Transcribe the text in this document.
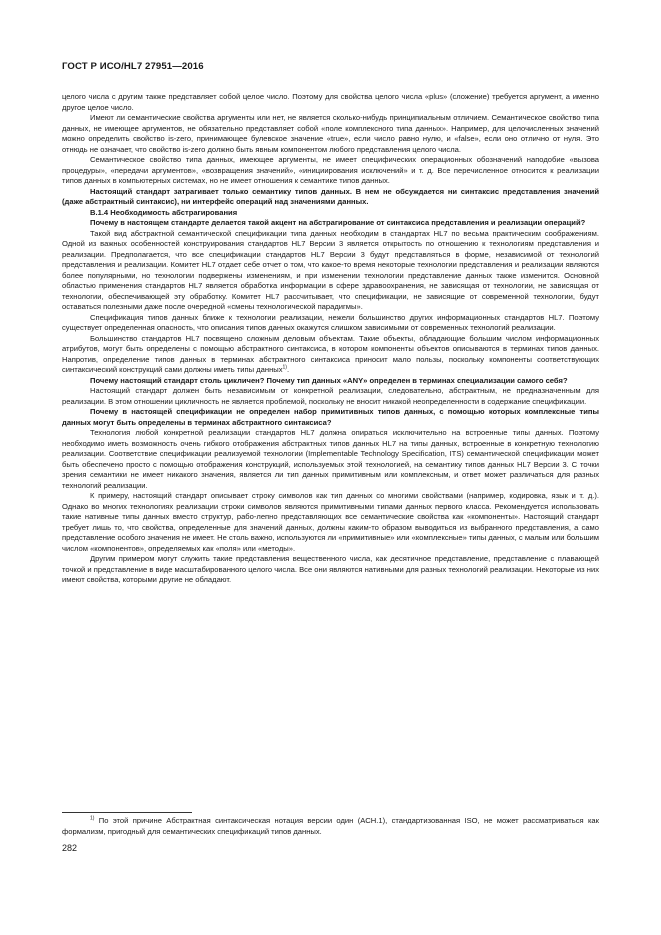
ГОСТ Р ИСО/HL7 27951—2016

целого числа с другим также представляет собой целое число. Поэтому для свойства целого числа «plus» (сложение) требуется аргумент, а именно другое целое число.

Имеют ли семантические свойства аргументы или нет, не является сколько-нибудь принципиальным отличием. Семантическое свойство типа данных, не имеющее аргументов, не обязательно представляет собой «поле комплексного типа данных». Например, для целочисленных значений можно определить свойство is-zero, принимающее булевское значение «true», если число равно нулю, и «false», если оно отлично от нуля. Это отнюдь не означает, что свойство is-zero должно быть явным компонентом любого представления целого числа.

Семантическое свойство типа данных, имеющее аргументы, не имеет специфических операционных обозначений наподобие «вызова процедуры», «передачи аргументов», «возвращения значений», «инициирования исключений» и т. д. Все перечисленное относится к реализации типов данных в компьютерных системах, но не имеет отношения к семантике типов данных.

Настоящий стандарт затрагивает только семантику типов данных. В нем не обсуждается ни синтаксис представления значений (даже абстрактный синтаксис), ни интерфейс операций над значениями данных.

В.1.4 Необходимость абстрагирования

Почему в настоящем стандарте делается такой акцент на абстрагирование от синтаксиса представления и реализации операций?

Такой вид абстрактной семантической спецификации типа данных необходим в стандартах HL7 по весьма практическим соображениям. Одной из важных особенностей конструирования стандартов HL7 Версии 3 является открытость по отношению к технологиям представления и реализации. Предполагается, что все спецификации стандартов HL7 Версии 3 будут представляться в форме, независимой от технологий представления и реализации. Комитет HL7 отдает себе отчет о том, что какое-то время некоторые технологии представления и реализации являются более популярными, но технологии подвержены изменениям, и при изменении технологии представление данных также изменится. Основной областью применения стандартов HL7 является обработка информации в сфере здравоохранения, не зависящая от технологии, не зависящая от технологии, обеспечивающей эту обработку. Комитет HL7 рассчитывает, что спецификации, не зависящие от современной технологии, будут оставаться полезными даже после очередной «смены технологической парадигмы».

Спецификация типов данных ближе к технологии реализации, нежели большинство других информационных стандартов HL7. Поэтому существует определенная опасность, что описания типов данных окажутся слишком зависимыми от современных технологий реализации.

Большинство стандартов HL7 посвящено сложным деловым объектам. Такие объекты, обладающие большим числом информационных атрибутов, могут быть определены с помощью абстрактного синтаксиса, в котором компоненты объектов описываются в терминах типов данных. Напротив, определение типов данных в терминах абстрактного синтаксиса приносит мало пользы, поскольку компоненты соответствующих синтаксический конструкций сами должны иметь типы данных$^{1)}$.

Почему настоящий стандарт столь цикличен? Почему тип данных «ANY» определен в терминах специализации самого себя?

Настоящий стандарт должен быть независимым от конкретной реализации, следовательно, абстрактным, не предназначенным для реализации. В этом отношении цикличность не является проблемой, поскольку не вносит никакой неопределенности в содержание спецификации.

Почему в настоящей спецификации не определен набор примитивных типов данных, с помощью которых комплексные типы данных могут быть определены в терминах абстрактного синтаксиса?

Технология любой конкретной реализации стандартов HL7 должна опираться исключительно на встроенные типы данных. Поэтому необходимо иметь возможность очень гибкого отображения абстрактных типов данных HL7 на типы данных, встроенные в конкретную технологию реализации. Соответствие спецификации реализуемой технологии (Implementable Technology Specification, ITS) семантической спецификации может быть обеспечено просто с помощью отображения конструкций, используемых этой технологией, на семантику типов данных HL7 Версии 3. С точки зрения семантики не имеет никакого значения, является ли тип данных примитивным или комплексным, и ответ может различаться для разных технологий реализации.

К примеру, настоящий стандарт описывает строку символов как тип данных со многими свойствами (например, кодировка, язык и т. д.). Однако во многих технологиях реализации строки символов являются примитивными типами данных первого класса. Рекомендуется использовать такие нативные типы данных вместо структур, рабо-лепно представляющих все семантические свойства как «компоненты». Настоящий стандарт требует лишь то, что свойства, определенные для значений данных, должны каким-то образом выводиться из выбранного представления, а само представление особого значения не имеет. Не столь важно, используются ли «примитивные» или «комплексные» типы данных, с малым или большим числом «компонентов», определяемых как «поля» или «методы».

Другим примером могут служить такие представления вещественного числа, как десятичное представление, представление с плавающей точкой и представление в виде масштабированного целого числа. Все они являются нативными для разных технологий реализации. Некоторые из них имеют свойства, которыми другие не обладают.

$^{1)}$ По этой причине Абстрактная синтаксическая нотация версии один (ACH.1), стандартизованная ISO, не может рассматриваться как формализм, пригодный для семантических спецификаций типов данных.

282
